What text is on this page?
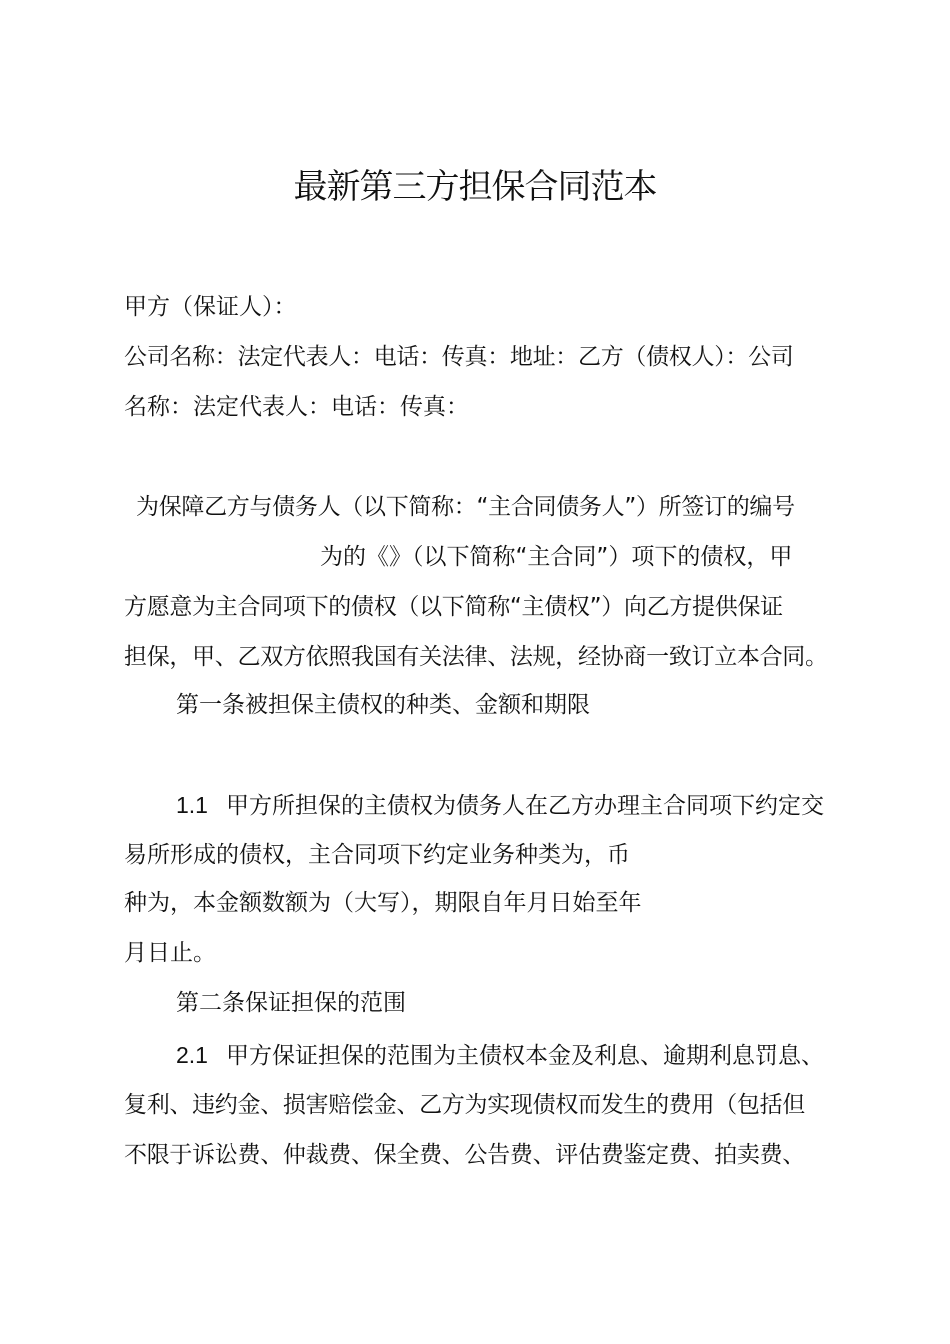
最新第三方担保合同范本
甲方（保证人）：
公司名称：法定代表人：电话：传真：地址：乙方（债权人）：公司
名称：法定代表人：电话：传真：
为保障乙方与债务人（以下简称：“主合同债务人”）所签订的编号
为的《》（以下简称“主合同”）项下的债权，甲
方愿意为主合同项下的债权（以下简称“主债权”）向乙方提供保证
担保，甲、乙双方依照我国有关法律、法规，经协商一致订立本合同。
第一条被担保主债权的种类、金额和期限
1.1 甲方所担保的主债权为债务人在乙方办理主合同项下约定交
易所形成的债权，主合同项下约定业务种类为，币
种为，本金额数额为（大写），期限自年月日始至年
月日止。
第二条保证担保的范围
2.1 甲方保证担保的范围为主债权本金及利息、逾期利息罚息、
复利、违约金、损害赔偿金、乙方为实现债权而发生的费用（包括但
不限于诉讼费、仲裁费、保全费、公告费、评估费鉴定费、拍卖费、
